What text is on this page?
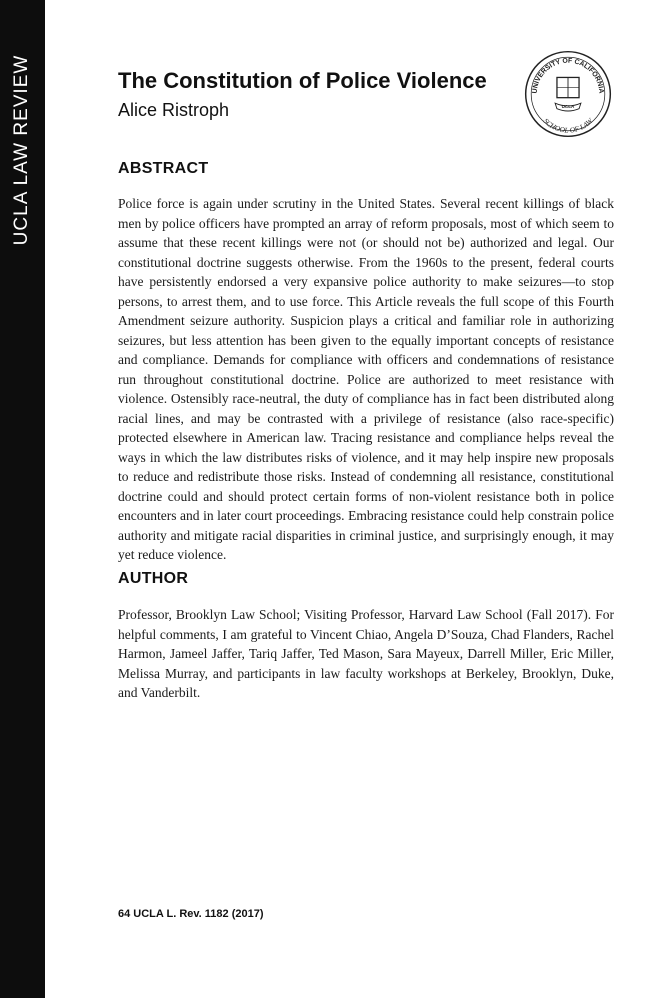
UCLA LAW REVIEW	UNIVERSITY OF CALIFORNIA
SCHOOL OF LAW
UCLA
The Constitution of Police Violence
Alice Ristroph
ABSTRACT

Police force is again under scrutiny in the United States. Several recent killings of black men by police officers have prompted an array of reform proposals, most of which seem to assume that these recent killings were not (or should not be) authorized and legal. Our constitutional doctrine suggests otherwise. From the 1960s to the present, federal courts have persistently endorsed a very expansive police authority to make seizures—to stop persons, to arrest them, and to use force. This Article reveals the full scope of this Fourth Amendment seizure authority. Suspicion plays a critical and familiar role in authorizing seizures, but less attention has been given to the equally important concepts of resistance and compliance. Demands for compliance with officers and condemnations of resistance run throughout constitutional doctrine. Police are authorized to meet resistance with violence. Ostensibly race-neutral, the duty of compliance has in fact been distributed along racial lines, and may be contrasted with a privilege of resistance (also race-specific) protected elsewhere in American law. Tracing resistance and compliance helps reveal the ways in which the law distributes risks of violence, and it may help inspire new proposals to reduce and redistribute those risks. Instead of condemning all resistance, constitutional doctrine could and should protect certain forms of non-violent resistance both in police encounters and in later court proceedings. Embracing resistance could help constrain police authority and mitigate racial disparities in criminal justice, and surprisingly enough, it may yet reduce violence.

AUTHOR

Professor, Brooklyn Law School; Visiting Professor, Harvard Law School (Fall 2017). For helpful comments, I am grateful to Vincent Chiao, Angela D’Souza, Chad Flanders, Rachel Harmon, Jameel Jaffer, Tariq Jaffer, Ted Mason, Sara Mayeux, Darrell Miller, Eric Miller, Melissa Murray, and participants in law faculty workshops at Berkeley, Brooklyn, Duke, and Vanderbilt.

64 UCLA L. Rev. 1182 (2017)
